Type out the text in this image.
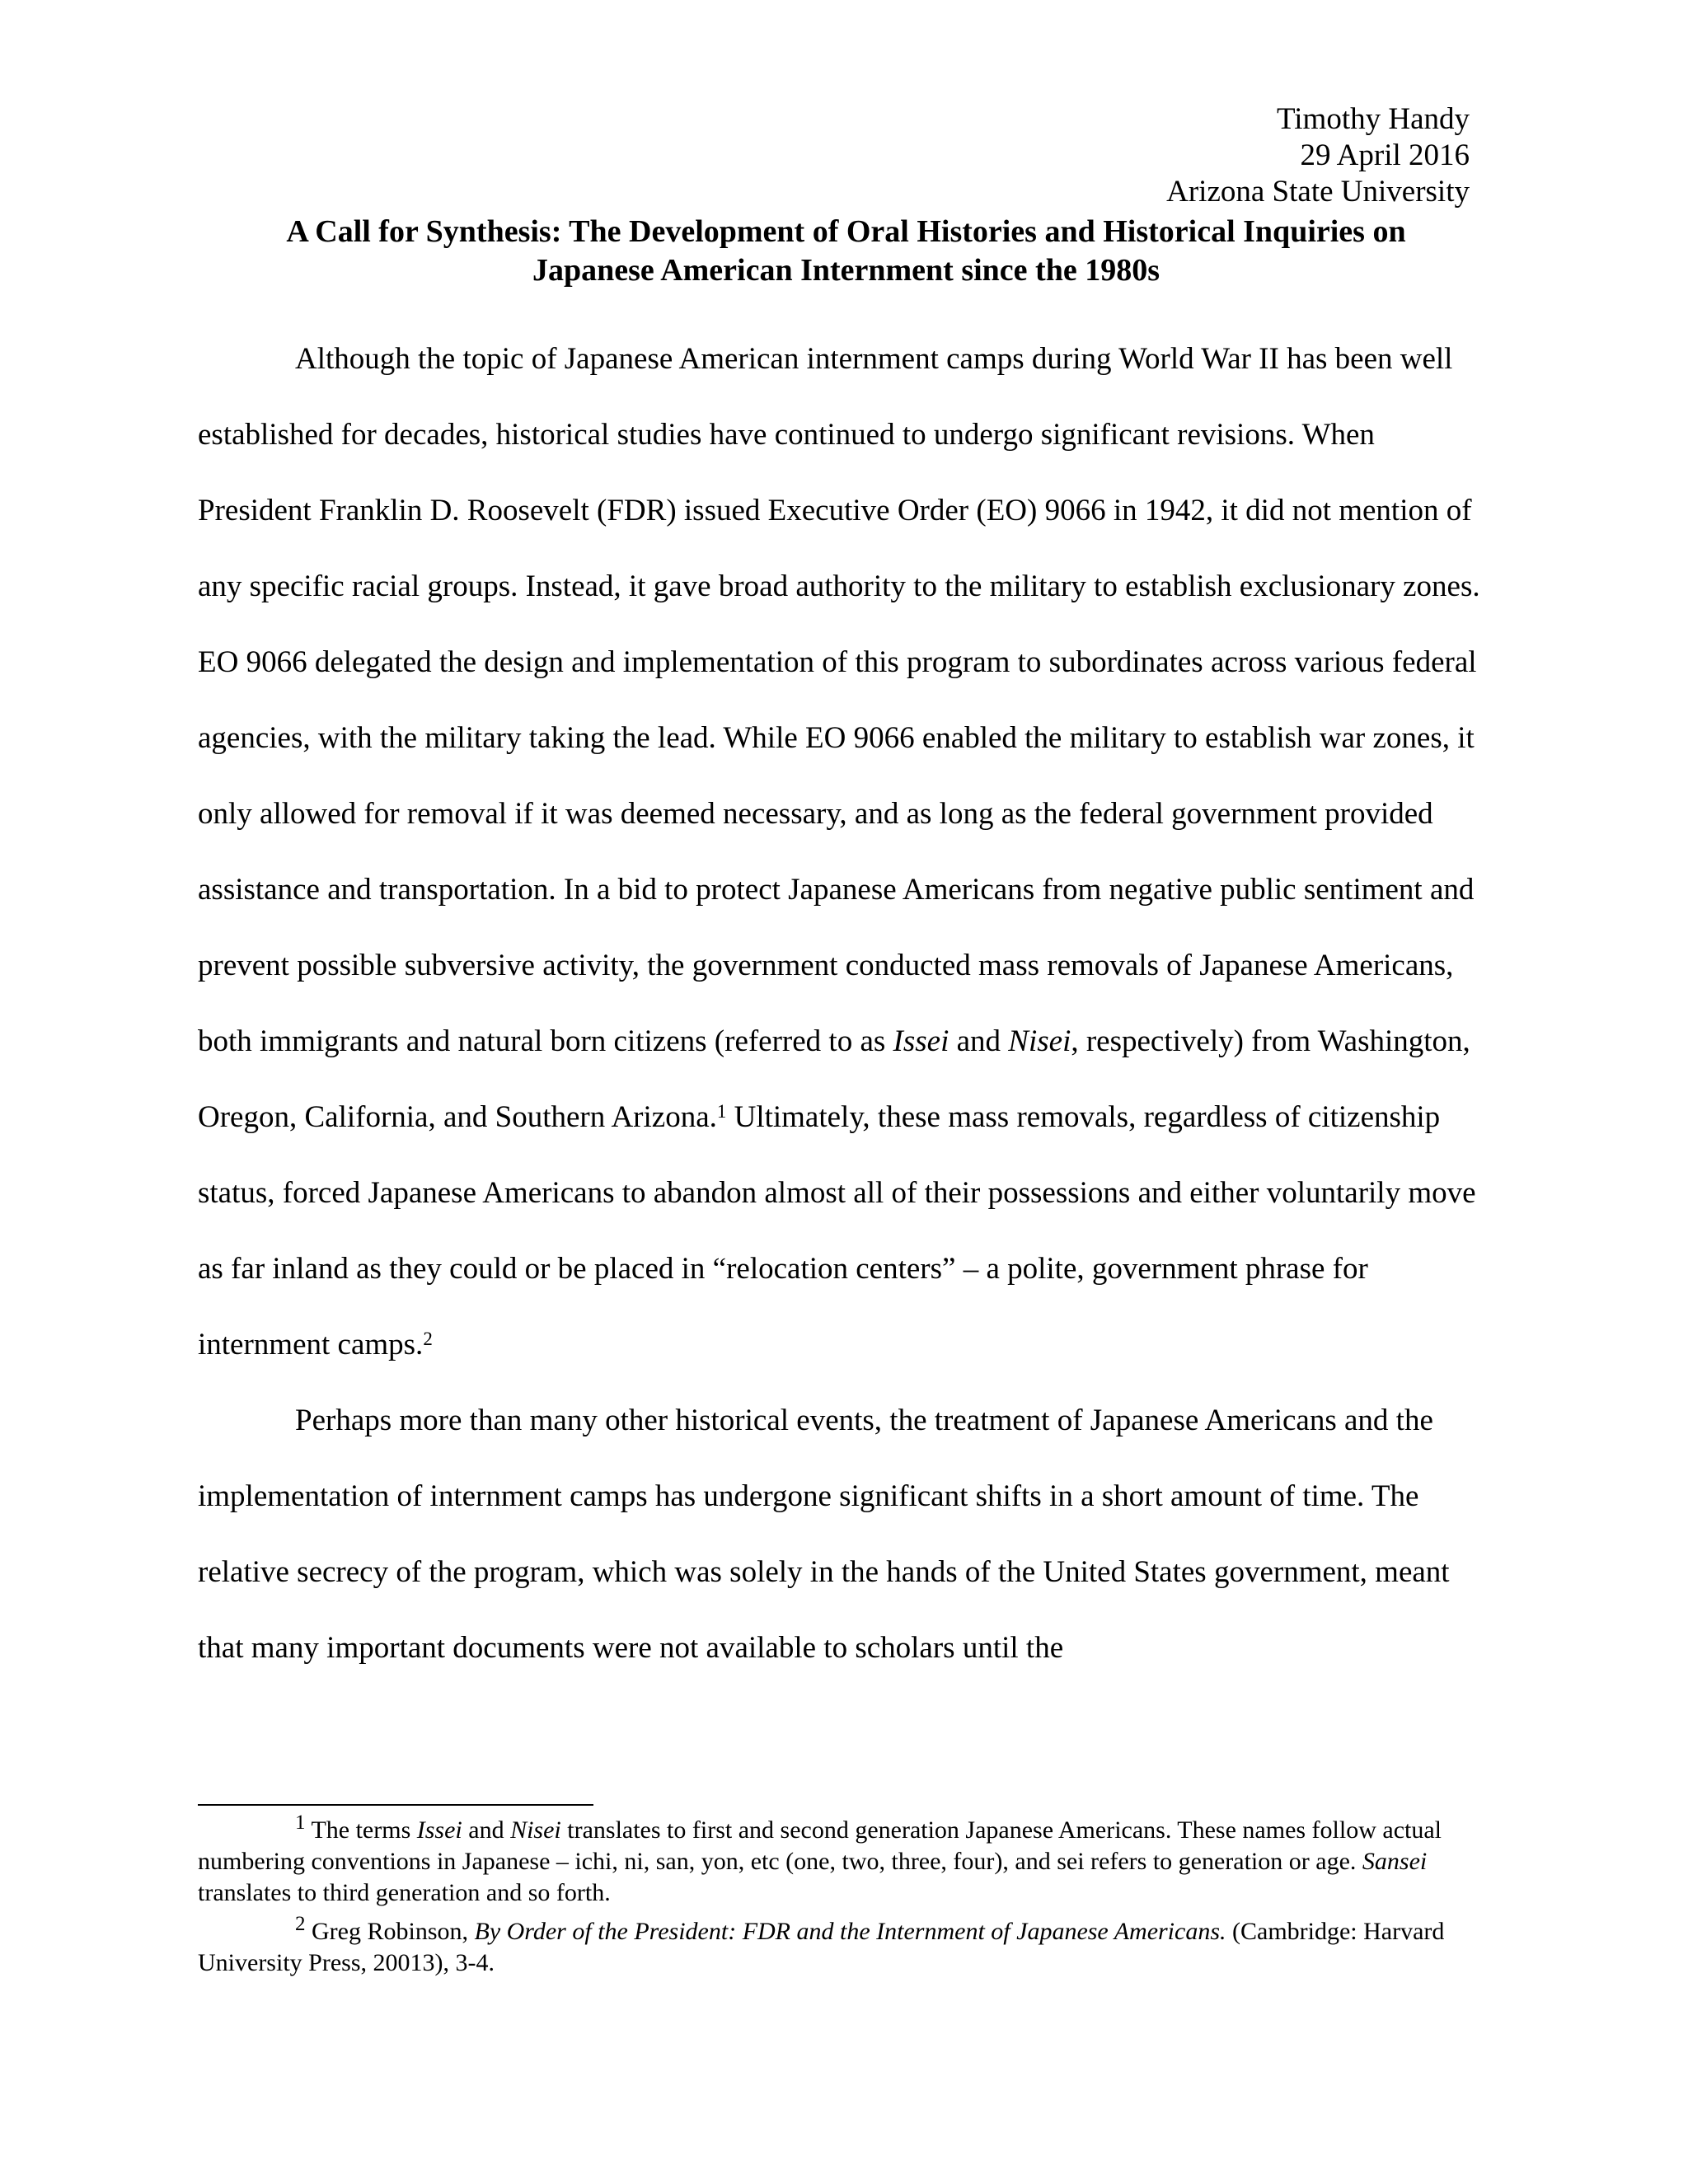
Timothy Handy
29 April 2016
Arizona State University
A Call for Synthesis: The Development of Oral Histories and Historical Inquiries on
Japanese American Internment since the 1980s

Although the topic of Japanese American internment camps during World War II has been well established for decades, historical studies have continued to undergo significant revisions. When President Franklin D. Roosevelt (FDR) issued Executive Order (EO) 9066 in 1942, it did not mention of any specific racial groups. Instead, it gave broad authority to the military to establish exclusionary zones. EO 9066 delegated the design and implementation of this program to subordinates across various federal agencies, with the military taking the lead. While EO 9066 enabled the military to establish war zones, it only allowed for removal if it was deemed necessary, and as long as the federal government provided assistance and transportation. In a bid to protect Japanese Americans from negative public sentiment and prevent possible subversive activity, the government conducted mass removals of Japanese Americans, both immigrants and natural born citizens (referred to as Issei and Nisei, respectively) from Washington, Oregon, California, and Southern Arizona.$^1$ Ultimately, these mass removals, regardless of citizenship status, forced Japanese Americans to abandon almost all of their possessions and either voluntarily move as far inland as they could or be placed in “relocation centers” – a polite, government phrase for internment camps.$^2$

Perhaps more than many other historical events, the treatment of Japanese Americans and the implementation of internment camps has undergone significant shifts in a short amount of time. The relative secrecy of the program, which was solely in the hands of the United States government, meant that many important documents were not available to scholars until the

$^1$ The terms Issei and Nisei translates to first and second generation Japanese Americans. These names follow actual numbering conventions in Japanese – ichi, ni, san, yon, etc (one, two, three, four), and sei refers to generation or age. Sansei translates to third generation and so forth.

$^2$ Greg Robinson, By Order of the President: FDR and the Internment of Japanese Americans. (Cambridge: Harvard University Press, 20013), 3-4.
